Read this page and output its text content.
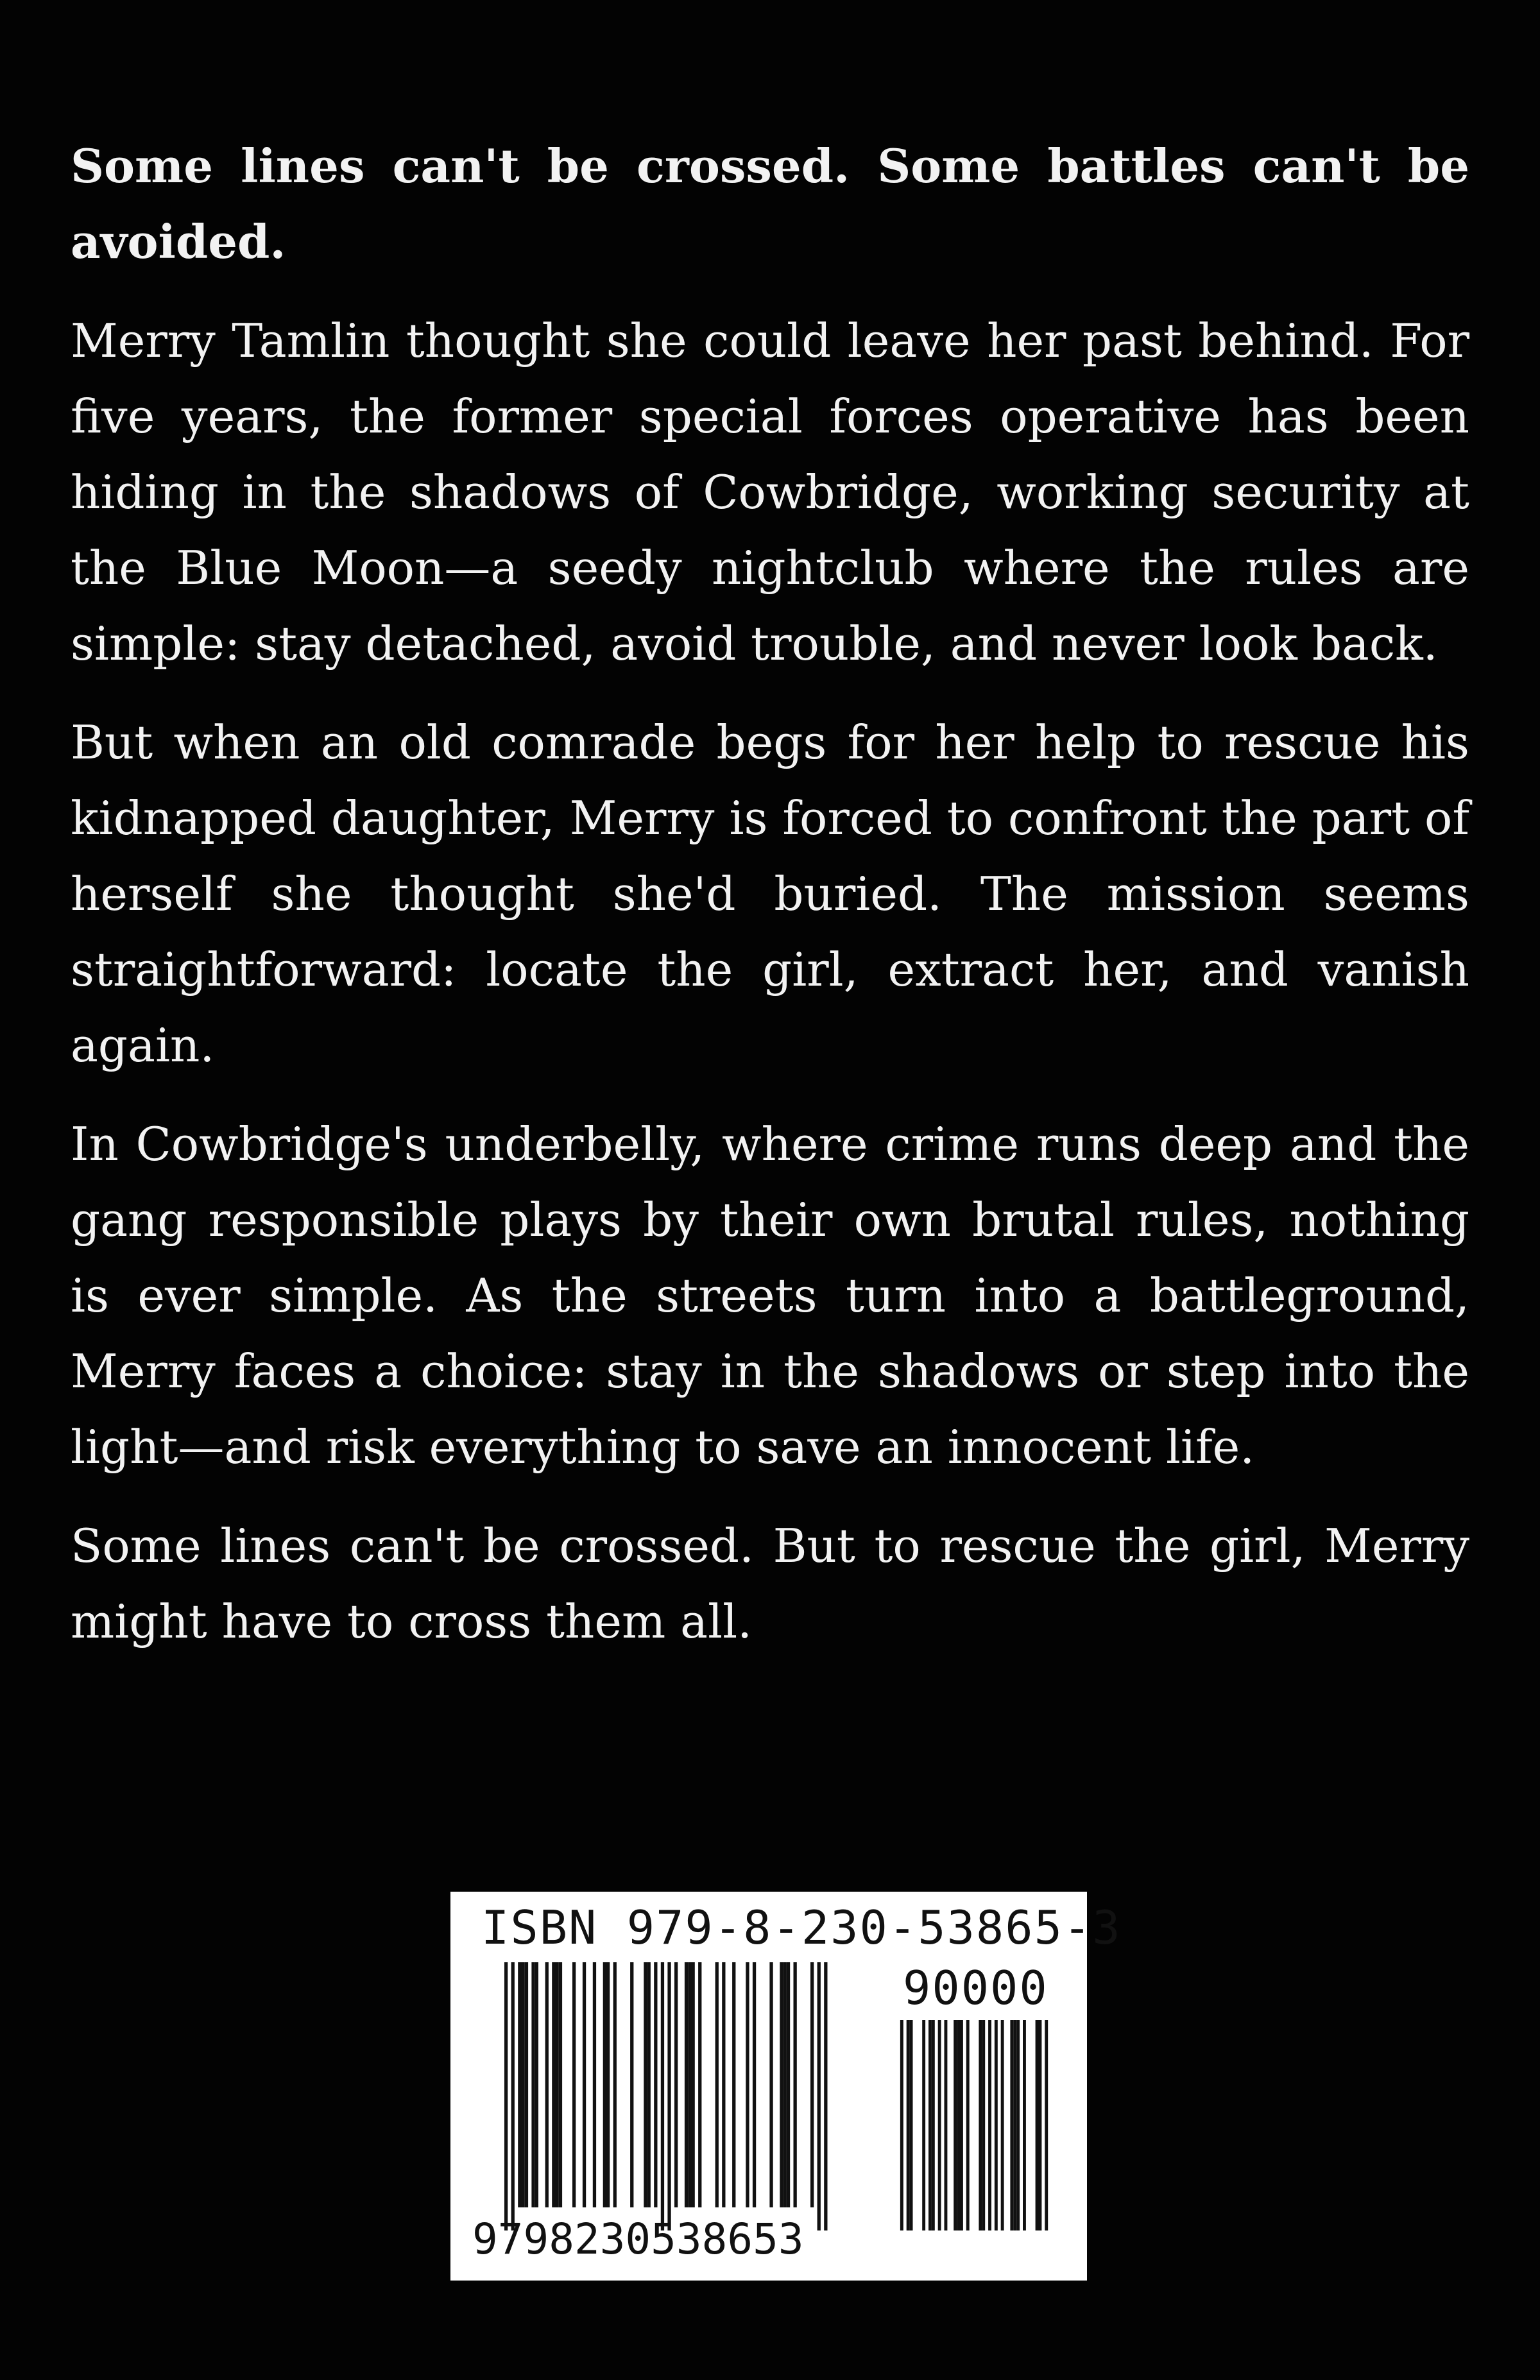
Some lines can't be crossed. Some battles can't be avoided.

Merry Tamlin thought she could leave her past behind. For five years, the former special forces operative has been hiding in the shadows of Cowbridge, working security at the Blue Moon—a seedy nightclub where the rules are simple: stay detached, avoid trouble, and never look back.

But when an old comrade begs for her help to rescue his kidnapped daughter, Merry is forced to confront the part of herself she thought she'd buried. The mission seems straightforward: locate the girl, extract her, and vanish again.

In Cowbridge's underbelly, where crime runs deep and the gang responsible plays by their own brutal rules, nothing is ever simple. As the streets turn into a battleground, Merry faces a choice: stay in the shadows or step into the light—and risk everything to save an innocent life.

Some lines can't be crossed. But to rescue the girl, Merry might have to cross them all.

ISBN 979-8-230-53865-3
90000
9798230538653
